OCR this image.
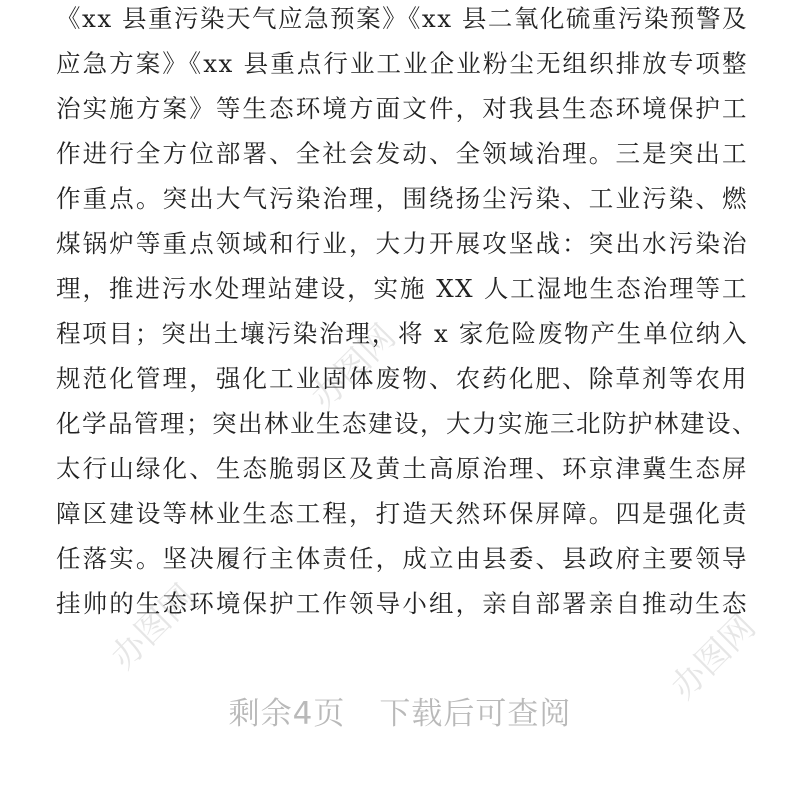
办图网
办图网
办图网
《xx 县重污染天气应急预案》《xx 县二氧化硫重污染预警及
应急方案》《xx 县重点行业工业企业粉尘无组织排放专项整
治实施方案》等生态环境方面文件，对我县生态环境保护工
作进行全方位部署、全社会发动、全领域治理。三是突出工
作重点。突出大气污染治理，围绕扬尘污染、工业污染、燃
煤锅炉等重点领域和行业，大力开展攻坚战：突出水污染治
理，推进污水处理站建设，实施 XX 人工湿地生态治理等工
程项目；突出土壤污染治理，将 x 家危险废物产生单位纳入
规范化管理，强化工业固体废物、农药化肥、除草剂等农用
化学品管理；突出林业生态建设，大力实施三北防护林建设、
太行山绿化、生态脆弱区及黄土高原治理、环京津冀生态屏
障区建设等林业生态工程，打造天然环保屏障。四是强化责
任落实。坚决履行主体责任，成立由县委、县政府主要领导
挂帅的生态环境保护工作领导小组，亲自部署亲自推动生态
剩余4页 下载后可查阅
